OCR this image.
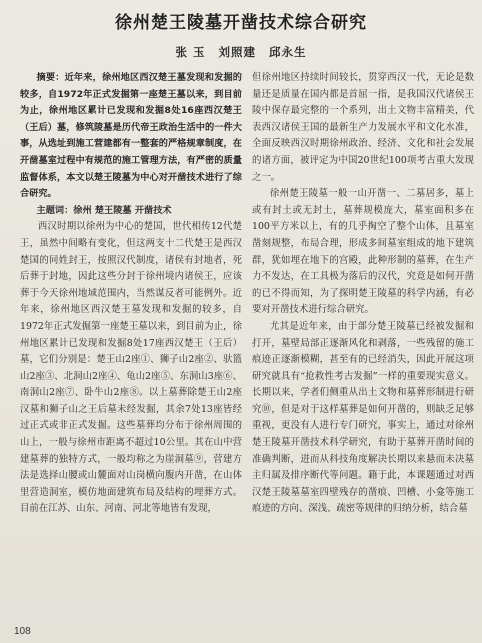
徐州楚王陵墓开凿技术综合研究
张 玉 刘照建 邱永生

摘要：近年来，徐州地区西汉楚王墓发现和发掘的较多，自1972年正式发掘第一座楚王墓以来，到目前为止，徐州地区累计已发现和发掘8处16座西汉楚王（王后）墓，修筑陵墓是历代帝王政治生活中的一件大事，从选址到施工营建都有一整套的严格规章制度，在开凿墓室过程中有规范的施工管理方法，有严密的质量监督体系，本文以楚王陵墓为中心对开凿技术进行了综合研究。

主题词：徐州 楚王陵墓 开凿技术

西汉时期以徐州为中心的楚国，世代相传12代楚王，虽然中间略有变化，但这两支十二代楚王是西汉楚国的同姓封王，按照汉代制度，诸侯有封地者，死后葬于封地，因此这些分封于徐州境内诸侯王，应该葬于今天徐州地域范围内，当然谋反者可能例外。近年来，徐州地区西汉楚王墓发现和发掘的较多，自1972年正式发掘第一座楚王墓以来，到目前为止，徐州地区累计已发现和发掘8处17座西汉楚王（王后）墓，它们分别是：楚王山2座①、狮子山2座②、驮篮山2座③、北洞山2座④、龟山2座⑤、东洞山3座⑥、南洞山2座⑦、卧牛山2座⑧。以上墓葬除楚王山2座汉墓和狮子山之王后墓未经发掘，其余7处13座皆经过正式或非正式发掘。这些墓葬均分布于徐州周围的山上，一般与徐州市距离不超过10公里。其在山中营建墓葬的独特方式，一般均称之为崖洞墓⑨，营建方法是选择山腰或山麓面对山岗横向腹内开凿，在山体里营造洞室，模仿地面建筑布局及结构的埋葬方式。目前在江苏、山东、河南、河北等地皆有发现，

但徐州地区持续时间较长，贯穿西汉一代，无论是数量还是质量在国内都是首屈一指，是我国汉代诸侯王陵中保存最完整的一个系列，出土文物丰富精美，代表西汉诸侯王国的最新生产力发展水平和文化水准，全面反映西汉时期徐州政治、经济、文化和社会发展的诸方面，被评定为中国20世纪100项考古重大发现之一。

徐州楚王陵墓一般一山开凿一、二墓居多，墓上或有封土或无封土，墓葬规模庞大，墓室面积多在100平方米以上，有的几乎掏空了整个山体，且墓室凿刻规整，布局合理，形成多间墓室组成的地下建筑群，犹如埋在地下的宫殿，此种形制的墓葬，在生产力不发达，在工具极为落后的汉代，究竟是如何开凿的已不得而知，为了探明楚王陵墓的科学内涵，有必要对开凿技术进行综合研究。

尤其是近年来，由于部分楚王陵墓已经被发掘和打开，墓壁局部正逐渐风化和剥落，一些残留的施工痕迹正逐渐模糊，甚至有的已经消失，因此开展这项研究就具有“抢救性考古发掘”一样的重要现实意义。长期以来，学者们侧重从出土文物和墓葬形制进行研究⑩，但是对于这样墓葬是如何开凿的，则缺乏足够重视，更没有人进行专门研究，事实上，通过对徐州楚王陵墓开凿技术科学研究，有助于墓葬开凿时间的准确判断，进而从科技角度解决长期以来悬而未决墓主归属及排序断代等问题。籍于此，本课题通过对西汉楚王陵墓墓室四壁残存的凿痕、凹槽、小龛等施工痕迹的方向、深浅、疏密等规律的归纳分析，结合墓

108
